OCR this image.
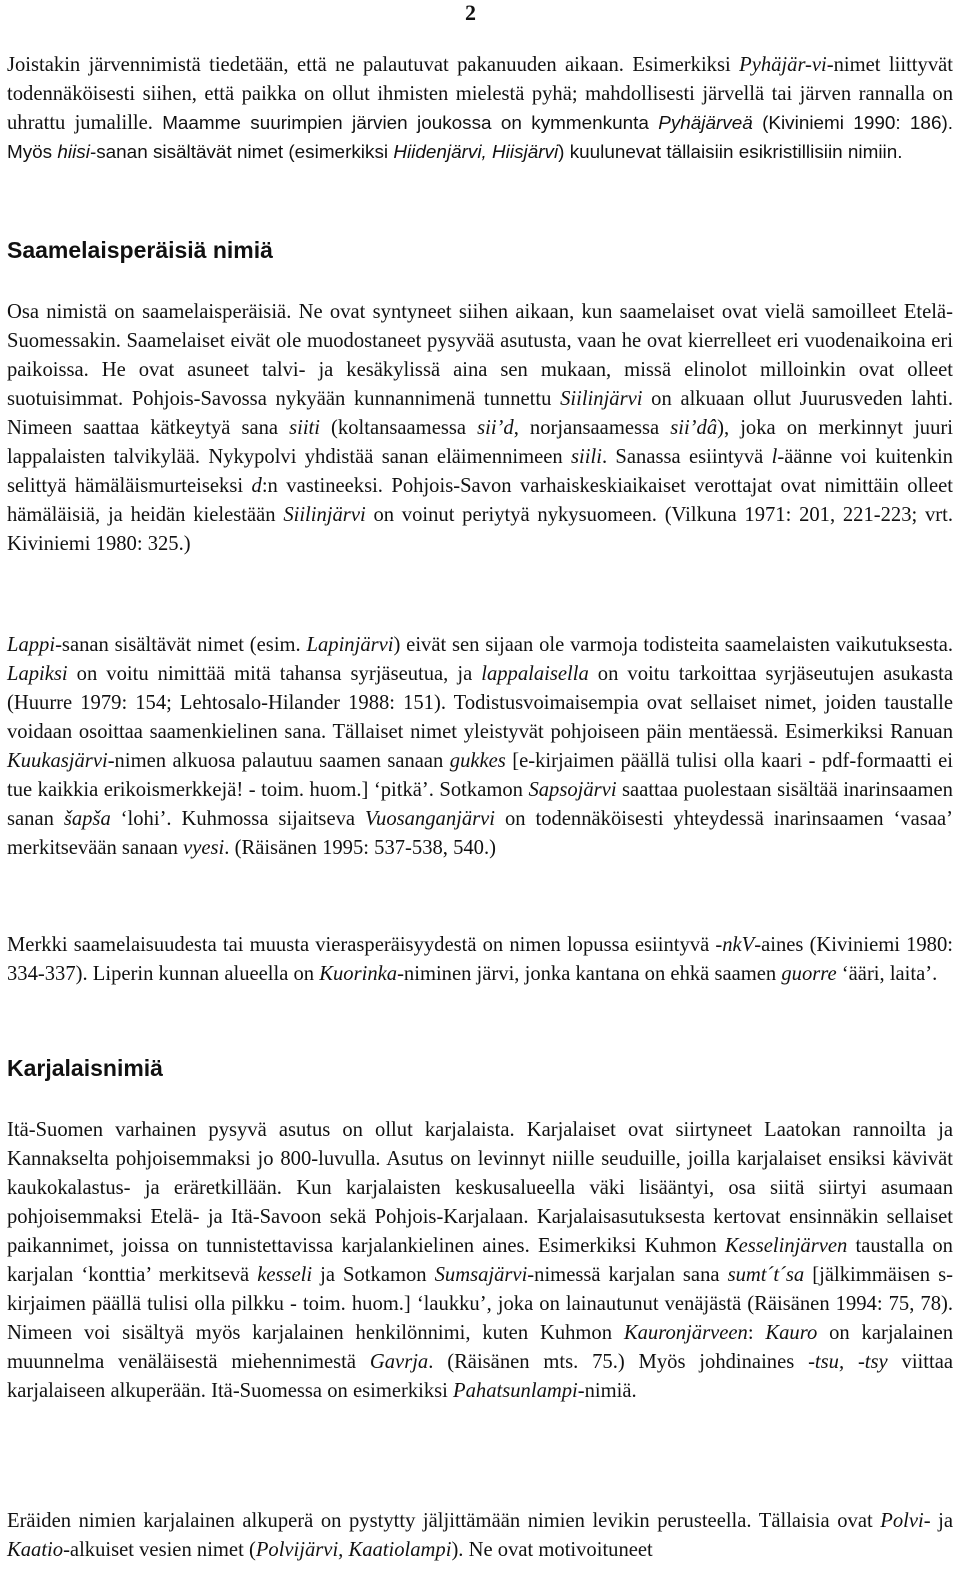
2

Joistakin järvennimistä tiedetään, että ne palautuvat pakanuuden aikaan. Esimerkiksi Pyhäjär-vi-nimet liittyvät todennäköisesti siihen, että paikka on ollut ihmisten mielestä pyhä; mahdollisesti järvellä tai järven rannalla on uhrattu jumalille. Maamme suurimpien järvien joukossa on kymmenkunta Pyhäjärveä (Kiviniemi 1990: 186). Myös hiisi-sanan sisältävät nimet (esimerkiksi Hiidenjärvi, Hiisjärvi) kuulunevat tällaisiin esikristillisiin nimiin.

Saamelaisperäisiä nimiä

Osa nimistä on saamelaisperäisiä. Ne ovat syntyneet siihen aikaan, kun saamelaiset ovat vielä samoilleet Etelä-Suomessakin. Saamelaiset eivät ole muodostaneet pysyvää asutusta, vaan he ovat kierrelleet eri vuodenaikoina eri paikoissa. He ovat asuneet talvi- ja kesäkylissä aina sen mukaan, missä elinolot milloinkin ovat olleet suotuisimmat. Pohjois-Savossa nykyään kunnannimenä tunnettu Siilinjärvi on alkuaan ollut Juurusveden lahti. Nimeen saattaa kätkeytyä sana siiti (koltansaamessa sii’d, norjansaamessa sii’dâ), joka on merkinnyt juuri lappalaisten talvikylää. Nykypolvi yhdistää sanan eläimennimeen siili. Sanassa esiintyvä l-äänne voi kuitenkin selittyä hämäläismurteiseksi d:n vastineeksi. Pohjois-Savon varhaiskeskiaikaiset verottajat ovat nimittäin olleet hämäläisiä, ja heidän kielestään Siilinjärvi on voinut periytyä nykysuomeen. (Vilkuna 1971: 201, 221-223; vrt. Kiviniemi 1980: 325.)

Lappi-sanan sisältävät nimet (esim. Lapinjärvi) eivät sen sijaan ole varmoja todisteita saamelaisten vaikutuksesta. Lapiksi on voitu nimittää mitä tahansa syrjäseutua, ja lappalaisella on voitu tarkoittaa syrjäseutujen asukasta (Huurre 1979: 154; Lehtosalo-Hilander 1988: 151). Todistusvoimaisempia ovat sellaiset nimet, joiden taustalle voidaan osoittaa saamenkielinen sana. Tällaiset nimet yleistyvät pohjoiseen päin mentäessä. Esimerkiksi Ranuan Kuukasjärvi-nimen alkuosa palautuu saamen sanaan gukkes [e-kirjaimen päällä tulisi olla kaari - pdf-formaatti ei tue kaikkia erikoismerkkejä! - toim. huom.] ‘pitkä’. Sotkamon Sapsojärvi saattaa puolestaan sisältää inarinsaamen sanan šapša ‘lohi’. Kuhmossa sijaitseva Vuosanganjärvi on todennäköisesti yhteydessä inarinsaamen ‘vasaa’ merkitsevään sanaan vyesi. (Räisänen 1995: 537-538, 540.)

Merkki saamelaisuudesta tai muusta vierasperäisyydestä on nimen lopussa esiintyvä -nkV-aines (Kiviniemi 1980: 334-337). Liperin kunnan alueella on Kuorinka-niminen järvi, jonka kantana on ehkä saamen guorre ‘ääri, laita’.

Karjalaisnimiä

Itä-Suomen varhainen pysyvä asutus on ollut karjalaista. Karjalaiset ovat siirtyneet Laatokan rannoilta ja Kannakselta pohjoisemmaksi jo 800-luvulla. Asutus on levinnyt niille seuduille, joilla karjalaiset ensiksi kävivät kaukokalastus- ja eräretkillään. Kun karjalaisten keskusalueella väki lisääntyi, osa siitä siirtyi asumaan pohjoisemmaksi Etelä- ja Itä-Savoon sekä Pohjois-Karjalaan. Karjalaisasutuksesta kertovat ensinnäkin sellaiset paikannimet, joissa on tunnistettavissa karjalankielinen aines. Esimerkiksi Kuhmon Kesselinjärven taustalla on karjalan ‘konttia’ merkitsevä kesseli ja Sotkamon Sumsajärvi-nimessä karjalan sana sumt´t´sa [jälkimmäisen s-kirjaimen päällä tulisi olla pilkku - toim. huom.] ‘laukku’, joka on lainautunut venäjästä (Räisänen 1994: 75, 78). Nimeen voi sisältyä myös karjalainen henkilönnimi, kuten Kuhmon Kauronjärveen: Kauro on karjalainen muunnelma venäläisestä miehennimestä Gavrja. (Räisänen mts. 75.) Myös johdinaines -tsu, -tsy viittaa karjalaiseen alkuperään. Itä-Suomessa on esimerkiksi Pahatsunlampi-nimiä.

Eräiden nimien karjalainen alkuperä on pystytty jäljittämään nimien levikin perusteella. Tällaisia ovat Polvi- ja Kaatio-alkuiset vesien nimet (Polvijärvi, Kaatiolampi). Ne ovat motivoituneet
